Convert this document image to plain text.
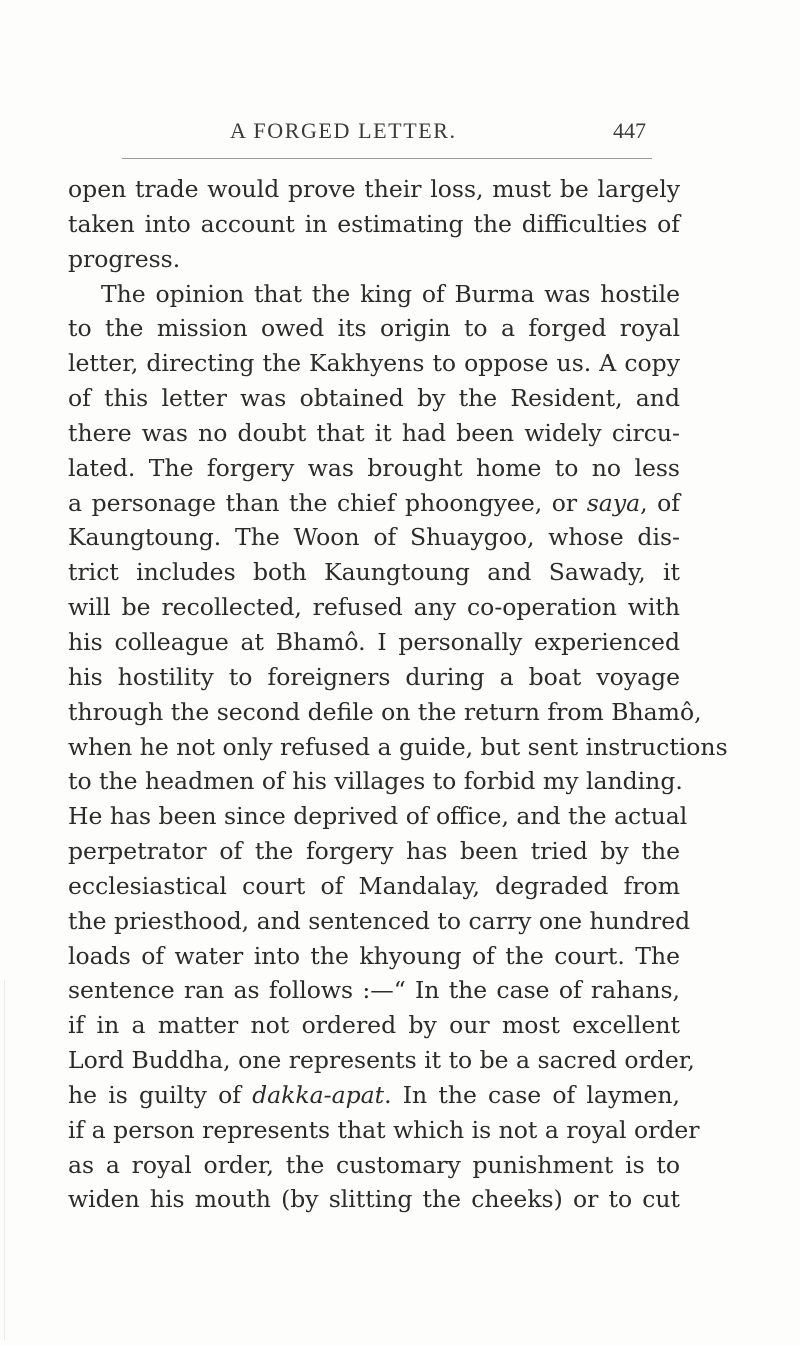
A FORGED LETTER.	447
open trade would prove their loss, must be largely
taken into account in estimating the difficulties of
progress.
The opinion that the king of Burma was hostile
to the mission owed its origin to a forged royal
letter, directing the Kakhyens to oppose us. A copy
of this letter was obtained by the Resident, and
there was no doubt that it had been widely circu-
lated. The forgery was brought home to no less
a personage than the chief phoongyee, or saya, of
Kaungtoung. The Woon of Shuaygoo, whose dis-
trict includes both Kaungtoung and Sawady, it
will be recollected, refused any co-operation with
his colleague at Bhamô. I personally experienced
his hostility to foreigners during a boat voyage
through the second defile on the return from Bhamô,
when he not only refused a guide, but sent instructions
to the headmen of his villages to forbid my landing.
He has been since deprived of office, and the actual
perpetrator of the forgery has been tried by the
ecclesiastical court of Mandalay, degraded from
the priesthood, and sentenced to carry one hundred
loads of water into the khyoung of the court. The
sentence ran as follows :—“ In the case of rahans,
if in a matter not ordered by our most excellent
Lord Buddha, one represents it to be a sacred order,
he is guilty of dakka-apat. In the case of laymen,
if a person represents that which is not a royal order
as a royal order, the customary punishment is to
widen his mouth (by slitting the cheeks) or to cut
